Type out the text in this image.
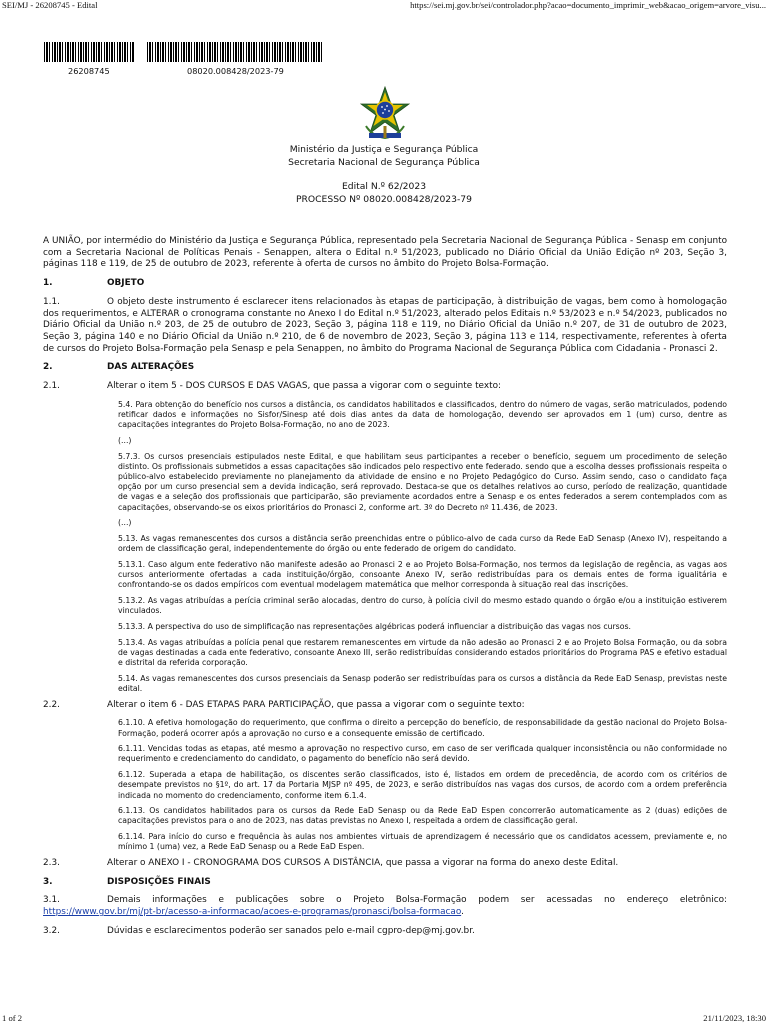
SEI/MJ - 26208745 - Edital	https://sei.mj.gov.br/sei/controlador.php?acao=documento_imprimir_web&acao_origem=arvore_visu...
26208745	08020.008428/2023-79
Ministério da Justiça e Segurança Pública
Secretaria Nacional de Segurança Pública
Edital N.º 62/2023
PROCESSO Nº 08020.008428/2023-79
A UNIÃO, por intermédio do Ministério da Justiça e Segurança Pública, representado pela Secretaria Nacional de Segurança Pública - Senasp em conjunto com a Secretaria Nacional de Políticas Penais - Senappen, altera o Edital n.º 51/2023, publicado no Diário Oficial da União Edição nº 203, Seção 3, páginas 118 e 119, de 25 de outubro de 2023, referente à oferta de cursos no âmbito do Projeto Bolsa-Formação.
1.	OBJETO
1.1.	O objeto deste instrumento é esclarecer itens relacionados às etapas de participação, à distribuição de vagas, bem como à homologação dos requerimentos, e ALTERAR o cronograma constante no Anexo I do Edital n.º 51/2023, alterado pelos Editais n.º 53/2023 e n.º 54/2023, publicados no Diário Oficial da União n.º 203, de 25 de outubro de 2023, Seção 3, página 118 e 119, no Diário Oficial da União n.º 207, de 31 de outubro de 2023, Seção 3, página 140 e no Diário Oficial da União n.º 210, de 6 de novembro de 2023, Seção 3, página 113 e 114, respectivamente, referentes à oferta de cursos do Projeto Bolsa-Formação pela Senasp e pela Senappen, no âmbito do Programa Nacional de Segurança Pública com Cidadania - Pronasci 2.
2.	DAS ALTERAÇÕES
2.1.	Alterar o item 5 - DOS CURSOS E DAS VAGAS, que passa a vigorar com o seguinte texto:
5.4. Para obtenção do benefício nos cursos a distância, os candidatos habilitados e classificados, dentro do número de vagas, serão matriculados, podendo retificar dados e informações no Sisfor/Sinesp até dois dias antes da data de homologação, devendo ser aprovados em 1 (um) curso, dentre as capacitações integrantes do Projeto Bolsa-Formação, no ano de 2023.
(...)
5.7.3. Os cursos presenciais estipulados neste Edital, e que habilitam seus participantes a receber o benefício, seguem um procedimento de seleção distinto. Os profissionais submetidos a essas capacitações são indicados pelo respectivo ente federado. sendo que a escolha desses profissionais respeita o público-alvo estabelecido previamente no planejamento da atividade de ensino e no Projeto Pedagógico do Curso. Assim sendo, caso o candidato faça opção por um curso presencial sem a devida indicação, será reprovado. Destaca-se que os detalhes relativos ao curso, período de realização, quantidade de vagas e a seleção dos profissionais que participarão, são previamente acordados entre a Senasp e os entes federados a serem contemplados com as capacitações, observando-se os eixos prioritários do Pronasci 2, conforme art. 3º do Decreto nº 11.436, de 2023.
(...)
5.13. As vagas remanescentes dos cursos a distância serão preenchidas entre o público-alvo de cada curso da Rede EaD Senasp (Anexo IV), respeitando a ordem de classificação geral, independentemente do órgão ou ente federado de origem do candidato.
5.13.1. Caso algum ente federativo não manifeste adesão ao Pronasci 2 e ao Projeto Bolsa-Formação, nos termos da legislação de regência, as vagas aos cursos anteriormente ofertadas a cada instituição/órgão, consoante Anexo IV, serão redistribuídas para os demais entes de forma igualitária e confrontando-se os dados empíricos com eventual modelagem matemática que melhor corresponda à situação real das inscrições.
5.13.2. As vagas atribuídas a perícia criminal serão alocadas, dentro do curso, à polícia civil do mesmo estado quando o órgão e/ou a instituição estiverem vinculados.
5.13.3. A perspectiva do uso de simplificação nas representações algébricas poderá influenciar a distribuição das vagas nos cursos.
5.13.4. As vagas atribuídas a polícia penal que restarem remanescentes em virtude da não adesão ao Pronasci 2 e ao Projeto Bolsa Formação, ou da sobra de vagas destinadas a cada ente federativo, consoante Anexo III, serão redistribuídas considerando estados prioritários do Programa PAS e efetivo estadual e distrital da referida corporação.
5.14. As vagas remanescentes dos cursos presenciais da Senasp poderão ser redistribuídas para os cursos a distância da Rede EaD Senasp, previstas neste edital.
2.2.	Alterar o item 6 - DAS ETAPAS PARA PARTICIPAÇÃO, que passa a vigorar com o seguinte texto:
6.1.10. A efetiva homologação do requerimento, que confirma o direito a percepção do benefício, de responsabilidade da gestão nacional do Projeto Bolsa-Formação, poderá ocorrer após a aprovação no curso e a consequente emissão de certificado.
6.1.11. Vencidas todas as etapas, até mesmo a aprovação no respectivo curso, em caso de ser verificada qualquer inconsistência ou não conformidade no requerimento e credenciamento do candidato, o pagamento do benefício não será devido.
6.1.12. Superada a etapa de habilitação, os discentes serão classificados, isto é, listados em ordem de precedência, de acordo com os critérios de desempate previstos no §1º, do art. 17 da Portaria MJSP nº 495, de 2023, e serão distribuídos nas vagas dos cursos, de acordo com a ordem preferência indicada no momento do credenciamento, conforme item 6.1.4.
6.1.13. Os candidatos habilitados para os cursos da Rede EaD Senasp ou da Rede EaD Espen concorrerão automaticamente as 2 (duas) edições de capacitações previstos para o ano de 2023, nas datas previstas no Anexo I, respeitada a ordem de classificação geral.
6.1.14. Para início do curso e frequência às aulas nos ambientes virtuais de aprendizagem é necessário que os candidatos acessem, previamente e, no mínimo 1 (uma) vez, a Rede EaD Senasp ou a Rede EaD Espen.
2.3.	Alterar o ANEXO I - CRONOGRAMA DOS CURSOS A DISTÂNCIA, que passa a vigorar na forma do anexo deste Edital.
3.	DISPOSIÇÕES FINAIS
3.1.	Demais informações e publicações sobre o Projeto Bolsa-Formação podem ser acessadas no endereço eletrônico: https://www.gov.br/mj/pt-br/acesso-a-informacao/acoes-e-programas/pronasci/bolsa-formacao.
3.2.	Dúvidas e esclarecimentos poderão ser sanados pelo e-mail cgpro-dep@mj.gov.br.
1 of 2	21/11/2023, 18:30
